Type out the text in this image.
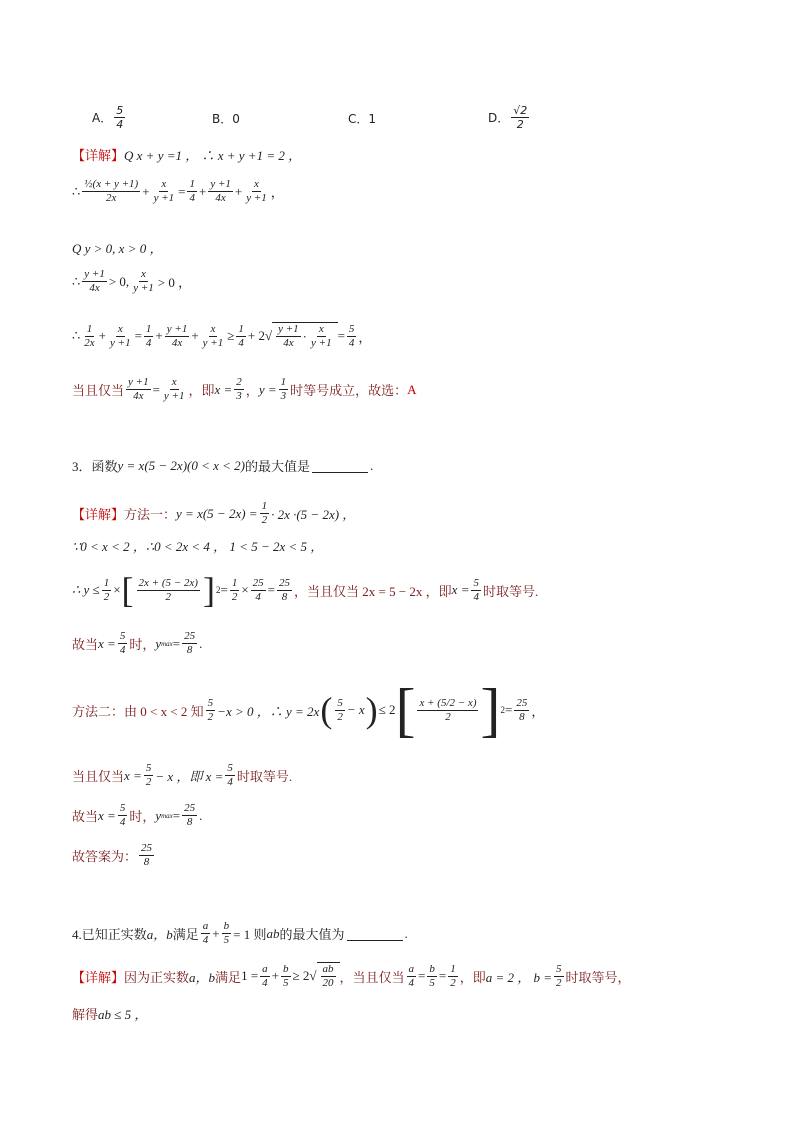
A． $\frac{5}{4}$	B． 0	C． 1	D． $\frac{√2}{2}$
【详解】 Q x + y =1 ， ∴ x + y +1 = 2 ，
∴ $\frac{\text{½(x + y +1)}}{2x} + \frac{x}{y +1} = \frac{1}{4} + \frac{y +1}{4x} + \frac{x}{y +1}$ ，
Q y > 0, x > 0 ，
∴ $\frac{y +1}{4x} > 0$, $\frac{x}{y +1} > 0$ ，
∴ $\frac{1}{2x} + \frac{x}{y +1} = \frac{1}{4} + \frac{y +1}{4x} + \frac{x}{y +1} \ge \frac{1}{4} + 2$ √ $\frac{y +1}{4x} \cdot \frac{x}{y +1} = \frac{5}{4}$ ，
当且仅当 $\frac{y +1}{4x} = \frac{x}{y +1}$ ，即 $x = \frac{2}{3}$ ， $y = \frac{1}{3}$ 时等号成立，故选： A
3．函数 y = x(5 − 2x)(0 < x < 2) 的最大值是	.
【详解】 方法一： $y = x(5 - 2x) = \frac{1}{2} \cdot 2x \cdot(5 - 2x)$ ，
∵0 < x < 2 ，∴0 < 2x < 4 ， 1 < 5 − 2x < 5 ，
∴ $y \le \frac{1}{2}$ × [ $\frac{2x + (5 - 2x)}{2}$ ] $2 = \frac{1}{2} \times \frac{25}{4} = \frac{25}{8}$ ，当且仅当 2x = 5 − 2x ，即 $x = \frac{5}{4}$ 时取等号.
故当 $x = \frac{5}{4}$ 时， y $\max = \frac{25}{8}$ .
方法二：由 0 < x < 2 知 $\frac{5}{2} -x > 0$ ，∴ y = 2x ( $\frac{5}{2} - x$ ) ≤ 2 [ $\frac{x + (5/2 - x)}{2}$ ] $2 = \frac{25}{8}$ ，
当且仅当 $x = \frac{5}{2} - x$ ，即 $x = \frac{5}{4}$ 时取等号.
故当 $x = \frac{5}{4}$ 时， y $\max = \frac{25}{8}$ .
故答案为： $\frac{25}{8}$
4.已知正实数 a，b 满足 $\frac{a}{4} + \frac{b}{5} = 1$ 则 ab 的最大值为	.
【详解】 因为正实数 a，b 满足 $1 = \frac{a}{4} + \frac{b}{5} \ge 2$ √ $\frac{ab}{20}$ ，当且仅当 $\frac{a}{4} = \frac{b}{5} = \frac{1}{2}$ ，即 a = 2 ， $b = \frac{5}{2}$ 时取等号，
解得 ab ≤ 5 ，
